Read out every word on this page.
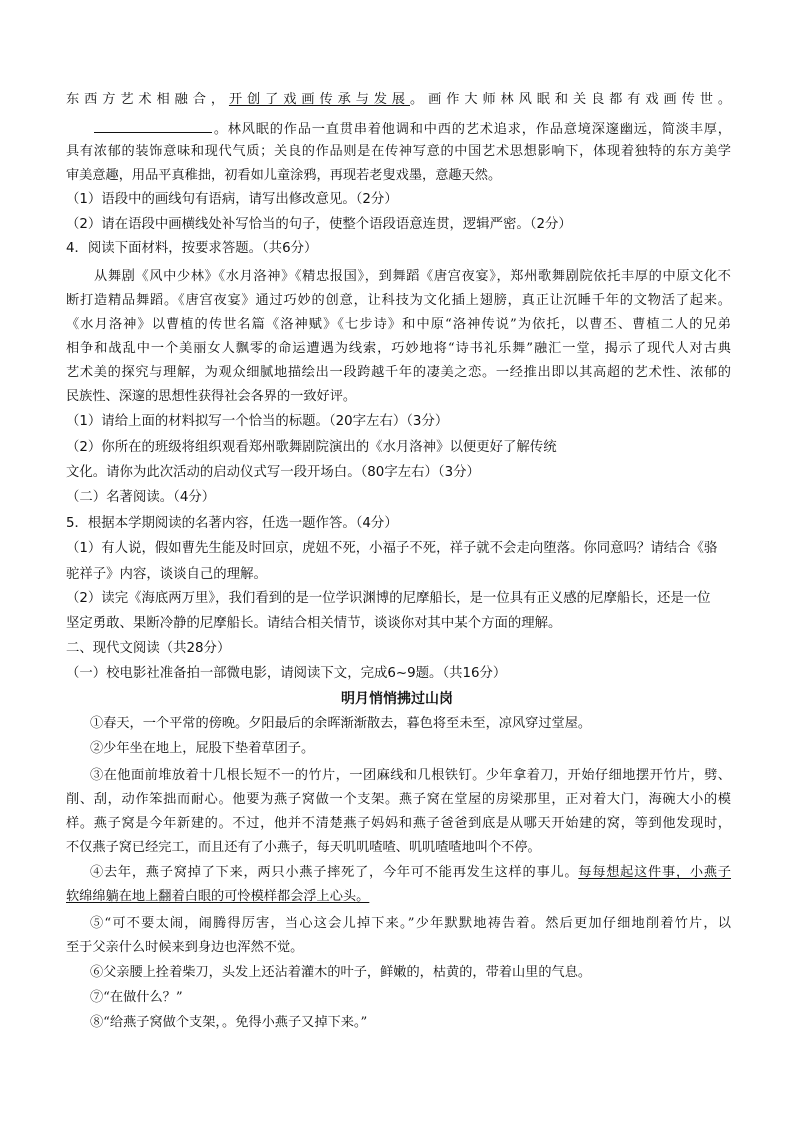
东西方艺术相融合，开创了戏画传承与发展。画作大师林风眠和关良都有戏画传世。
。林风眠的作品一直贯串着他调和中西的艺术追求，作品意境深邃幽远，简淡丰厚，
具有浓郁的装饰意味和现代气质；关良的作品则是在传神写意的中国艺术思想影响下，体现着独特的东方美学
审美意趣，用品平真稚拙，初看如儿童涂鸦，再现若老叟戏墨，意趣天然。
（1）语段中的画线句有语病，请写出修改意见。（2分）
（2）请在语段中画横线处补写恰当的句子，使整个语段语意连贯，逻辑严密。（2分）
4．阅读下面材料，按要求答题。（共6分）
从舞剧《风中少林》《水月洛神》《精忠报国》，到舞蹈《唐宫夜宴》，郑州歌舞剧院依托丰厚的中原文化不
断打造精品舞蹈。《唐宫夜宴》通过巧妙的创意，让科技为文化插上翅膀，真正让沉睡千年的文物活了起来。
《水月洛神》以曹植的传世名篇《洛神赋》《七步诗》和中原“洛神传说”为依托，以曹丕、曹植二人的兄弟
相争和战乱中一个美丽女人飘零的命运遭遇为线索，巧妙地将“诗书礼乐舞”融汇一堂，揭示了现代人对古典
艺术美的探究与理解，为观众细腻地描绘出一段跨越千年的凄美之恋。一经推出即以其高超的艺术性、浓郁的
民族性、深邃的思想性获得社会各界的一致好评。
（1）请给上面的材料拟写一个恰当的标题。（20字左右）（3分）
（2）你所在的班级将组织观看郑州歌舞剧院演出的《水月洛神》以便更好了解传统
文化。请你为此次活动的启动仪式写一段开场白。（80字左右）（3分）
（二）名著阅读。（4分）
5．根据本学期阅读的名著内容，任选一题作答。（4分）
（1）有人说，假如曹先生能及时回京，虎妞不死，小福子不死，祥子就不会走向堕落。你同意吗？请结合《骆
驼祥子》内容，谈谈自己的理解。
（2）读完《海底两万里》，我们看到的是一位学识渊博的尼摩船长，是一位具有正义感的尼摩船长，还是一位
坚定勇敢、果断冷静的尼摩船长。请结合相关情节，谈谈你对其中某个方面的理解。
二、现代文阅读（共28分）
（一）校电影社准备拍一部微电影，请阅读下文，完成6~9题。（共16分）
明月悄悄拂过山岗
①春天，一个平常的傍晚。夕阳最后的余晖渐渐散去，暮色将至未至，凉风穿过堂屋。
②少年坐在地上，屁股下垫着草团子。
③在他面前堆放着十几根长短不一的竹片，一团麻线和几根铁钉。少年拿着刀，开始仔细地摆开竹片，劈、
削、刮，动作笨拙而耐心。他要为燕子窝做一个支架。燕子窝在堂屋的房梁那里，正对着大门，海碗大小的模
样。燕子窝是今年新建的。不过，他并不清楚燕子妈妈和燕子爸爸到底是从哪天开始建的窝，等到他发现时，
不仅燕子窝已经完工，而且还有了小燕子，每天叽叽喳喳、叽叽喳喳地叫个不停。
④去年，燕子窝掉了下来，两只小燕子摔死了，今年可不能再发生这样的事儿。每每想起这件事，小燕子
软绵绵躺在地上翻着白眼的可怜模样都会浮上心头。
⑤“可不要太闹，闹腾得厉害，当心这会儿掉下来。”少年默默地祷告着。然后更加仔细地削着竹片，以
至于父亲什么时候来到身边也浑然不觉。
⑥父亲腰上拴着柴刀，头发上还沾着灌木的叶子，鲜嫩的，枯黄的，带着山里的气息。
⑦“在做什么？”
⑧“给燕子窝做个支架，。免得小燕子又掉下来。”
